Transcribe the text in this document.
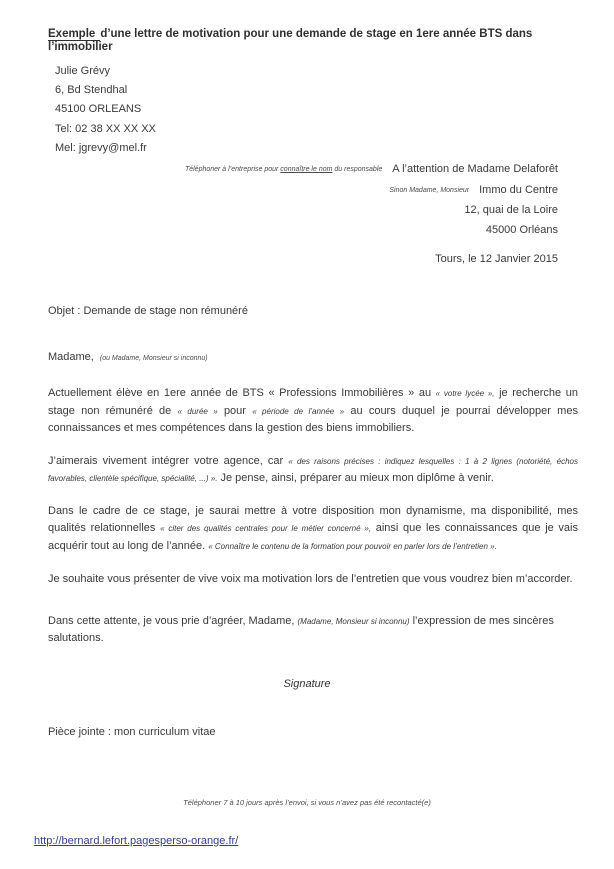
Exemple d’une lettre de motivation pour une demande de stage en 1ere année BTS dans l’immobilier
Julie Grévy
6, Bd Stendhal
45100 ORLEANS
Tel: 02 38 XX XX XX
Mel: jgrevy@mel.fr
Téléphoner à l’entreprise pour connaître le nom du responsable A l’attention de Madame Delaforêt
Sinon Madame, Monsieur Immo du Centre
12, quai de la Loire
45000 Orléans
Tours, le 12 Janvier 2015
Objet : Demande de stage non rémunéré
Madame, (ou Madame, Monsieur si inconnu)

Actuellement élève en 1ere année de BTS « Professions Immobilières » au « votre lycée », je recherche un stage non rémunéré de « durée » pour « période de l’année » au cours duquel je pourrai développer mes connaissances et mes compétences dans la gestion des biens immobiliers.

J’aimerais vivement intégrer votre agence, car « des raisons précises : indiquez lesquelles : 1 à 2 lignes (notoriété, échos favorables, clientèle spécifique, spécialité, ...) ». Je pense, ainsi, préparer au mieux mon diplôme à venir.

Dans le cadre de ce stage, je saurai mettre à votre disposition mon dynamisme, ma disponibilité, mes qualités relationnelles « citer des qualités centrales pour le métier concerné », ainsi que les connaissances que je vais acquérir tout au long de l’année. « Connaître le contenu de la formation pour pouvoir en parler lors de l’entretien ».

Je souhaite vous présenter de vive voix ma motivation lors de l’entretien que vous voudrez bien m’accorder.

Dans cette attente, je vous prie d’agréer, Madame, (Madame, Monsieur si inconnu) l’expression de mes sincères salutations.

Signature
Pièce jointe : mon curriculum vitae
Téléphoner 7 à 10 jours après l’envoi, si vous n’avez pas été recontacté(e)
http://bernard.lefort.pagesperso-orange.fr/
